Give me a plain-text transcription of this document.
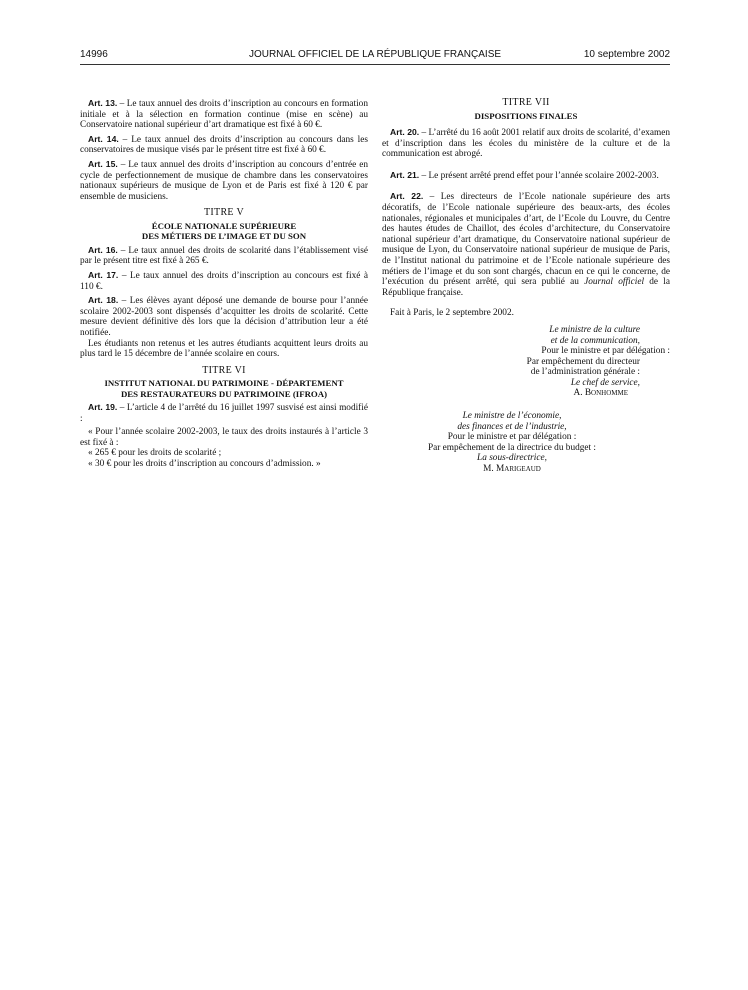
14996	JOURNAL OFFICIEL DE LA RÉPUBLIQUE FRANÇAISE	10 septembre 2002

Art. 13. – Le taux annuel des droits d’inscription au concours en formation initiale et à la sélection en formation continue (mise en scène) au Conservatoire national supérieur d’art dramatique est fixé à 60 €.

Art. 14. – Le taux annuel des droits d’inscription au concours dans les conservatoires de musique visés par le présent titre est fixé à 60 €.

Art. 15. – Le taux annuel des droits d’inscription au concours d’entrée en cycle de perfectionnement de musique de chambre dans les conservatoires nationaux supérieurs de musique de Lyon et de Paris est fixé à 120 € par ensemble de musiciens.

TITRE V
ÉCOLE NATIONALE SUPÉRIEURE
DES MÉTIERS DE L’IMAGE ET DU SON

Art. 16. – Le taux annuel des droits de scolarité dans l’établissement visé par le présent titre est fixé à 265 €.

Art. 17. – Le taux annuel des droits d’inscription au concours est fixé à 110 €.

Art. 18. – Les élèves ayant déposé une demande de bourse pour l’année scolaire 2002-2003 sont dispensés d’acquitter les droits de scolarité. Cette mesure devient définitive dès lors que la décision d’attribution leur a été notifiée.

Les étudiants non retenus et les autres étudiants acquittent leurs droits au plus tard le 15 décembre de l’année scolaire en cours.

TITRE VI
INSTITUT NATIONAL DU PATRIMOINE - DÉPARTEMENT
DES RESTAURATEURS DU PATRIMOINE (IFROA)

Art. 19. – L’article 4 de l’arrêté du 16 juillet 1997 susvisé est ainsi modifié :

« Pour l’année scolaire 2002-2003, le taux des droits instaurés à l’article 3 est fixé à :

« 265 € pour les droits de scolarité ;

« 30 € pour les droits d’inscription au concours d’admission. »

TITRE VII
DISPOSITIONS FINALES

Art. 20. – L’arrêté du 16 août 2001 relatif aux droits de scolarité, d’examen et d’inscription dans les écoles du ministère de la culture et de la communication est abrogé.

Art. 21. – Le présent arrêté prend effet pour l’année scolaire 2002-2003.

Art. 22. – Les directeurs de l’Ecole nationale supérieure des arts décoratifs, de l’Ecole nationale supérieure des beaux-arts, des écoles nationales, régionales et municipales d’art, de l’Ecole du Louvre, du Centre des hautes études de Chaillot, des écoles d’architecture, du Conservatoire national supérieur d’art dramatique, du Conservatoire national supérieur de musique de Lyon, du Conservatoire national supérieur de musique de Paris, de l’Institut national du patrimoine et de l’Ecole nationale supérieure des métiers de l’image et du son sont chargés, chacun en ce qui le concerne, de l’exécution du présent arrêté, qui sera publié au Journal officiel de la République française.

Fait à Paris, le 2 septembre 2002.

Le ministre de la culture

et de la communication,

Pour le ministre et par délégation :

Par empêchement du directeur

de l’administration générale :

Le chef de service,

A. Bonhomme

Le ministre de l’économie,

des finances et de l’industrie,

Pour le ministre et par délégation :

Par empêchement de la directrice du budget :

La sous-directrice,

M. Marigeaud
